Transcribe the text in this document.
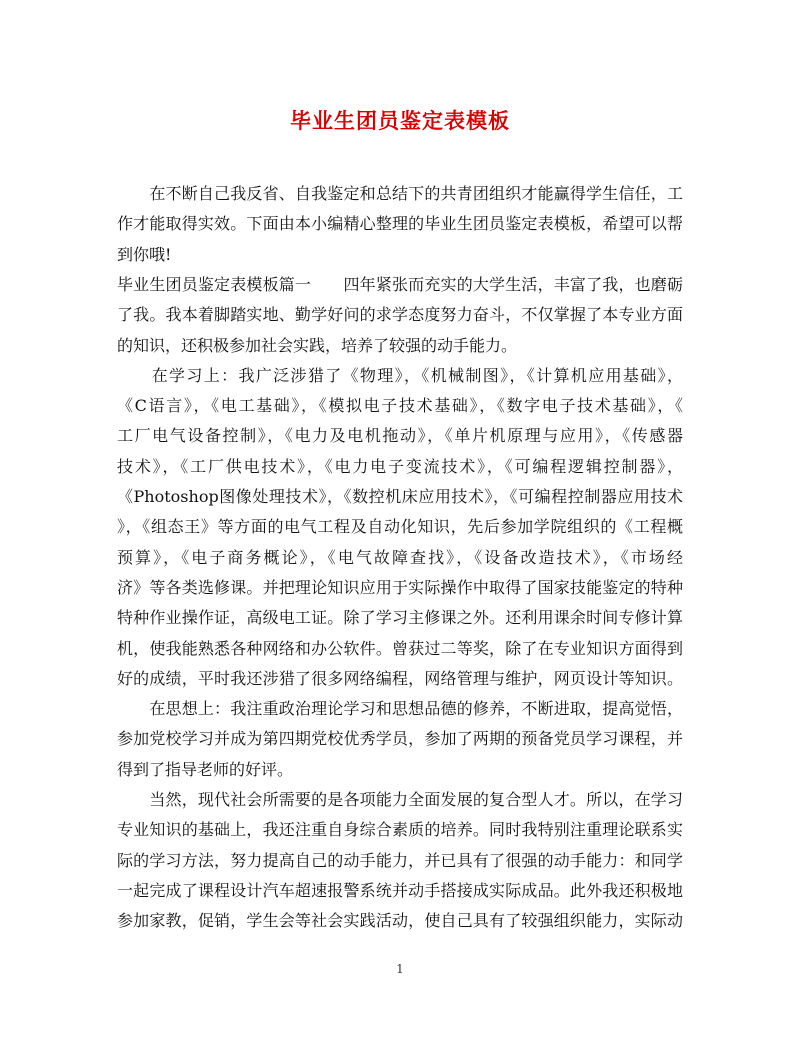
毕业生团员鉴定表模板
　　在不断自己我反省、自我鉴定和总结下的共青团组织才能赢得学生信任，工
作才能取得实效。下面由本小编精心整理的毕业生团员鉴定表模板，希望可以帮
到你哦!
毕业生团员鉴定表模板篇一　　四年紧张而充实的大学生活，丰富了我，也磨砺
了我。我本着脚踏实地、勤学好问的求学态度努力奋斗，不仅掌握了本专业方面
的知识，还积极参加社会实践，培养了较强的动手能力。
　　在学习上：我广泛涉猎了《物理》，《机械制图》，《计算机应用基础》，
《C语言》，《电工基础》，《模拟电子技术基础》，《数字电子技术基础》，《
工厂电气设备控制》，《电力及电机拖动》，《单片机原理与应用》，《传感器
技术》，《工厂供电技术》，《电力电子变流技术》，《可编程逻辑控制器》，
《Photoshop图像处理技术》，《数控机床应用技术》，《可编程控制器应用技术
》，《组态王》等方面的电气工程及自动化知识，先后参加学院组织的《工程概
预算》，《电子商务概论》，《电气故障查找》，《设备改造技术》，《市场经
济》等各类选修课。并把理论知识应用于实际操作中取得了国家技能鉴定的特种
特种作业操作证，高级电工证。除了学习主修课之外。还利用课余时间专修计算
机，使我能熟悉各种网络和办公软件。曾获过二等奖，除了在专业知识方面得到
好的成绩，平时我还涉猎了很多网络编程，网络管理与维护，网页设计等知识。
　　在思想上：我注重政治理论学习和思想品德的修养，不断进取，提高觉悟，
参加党校学习并成为第四期党校优秀学员，参加了两期的预备党员学习课程，并
得到了指导老师的好评。
　　当然，现代社会所需要的是各项能力全面发展的复合型人才。所以，在学习
专业知识的基础上，我还注重自身综合素质的培养。同时我特别注重理论联系实
际的学习方法，努力提高自己的动手能力，并已具有了很强的动手能力：和同学
一起完成了课程设计汽车超速报警系统并动手搭接成实际成品。此外我还积极地
参加家教，促销，学生会等社会实践活动，使自己具有了较强组织能力，实际动
1
